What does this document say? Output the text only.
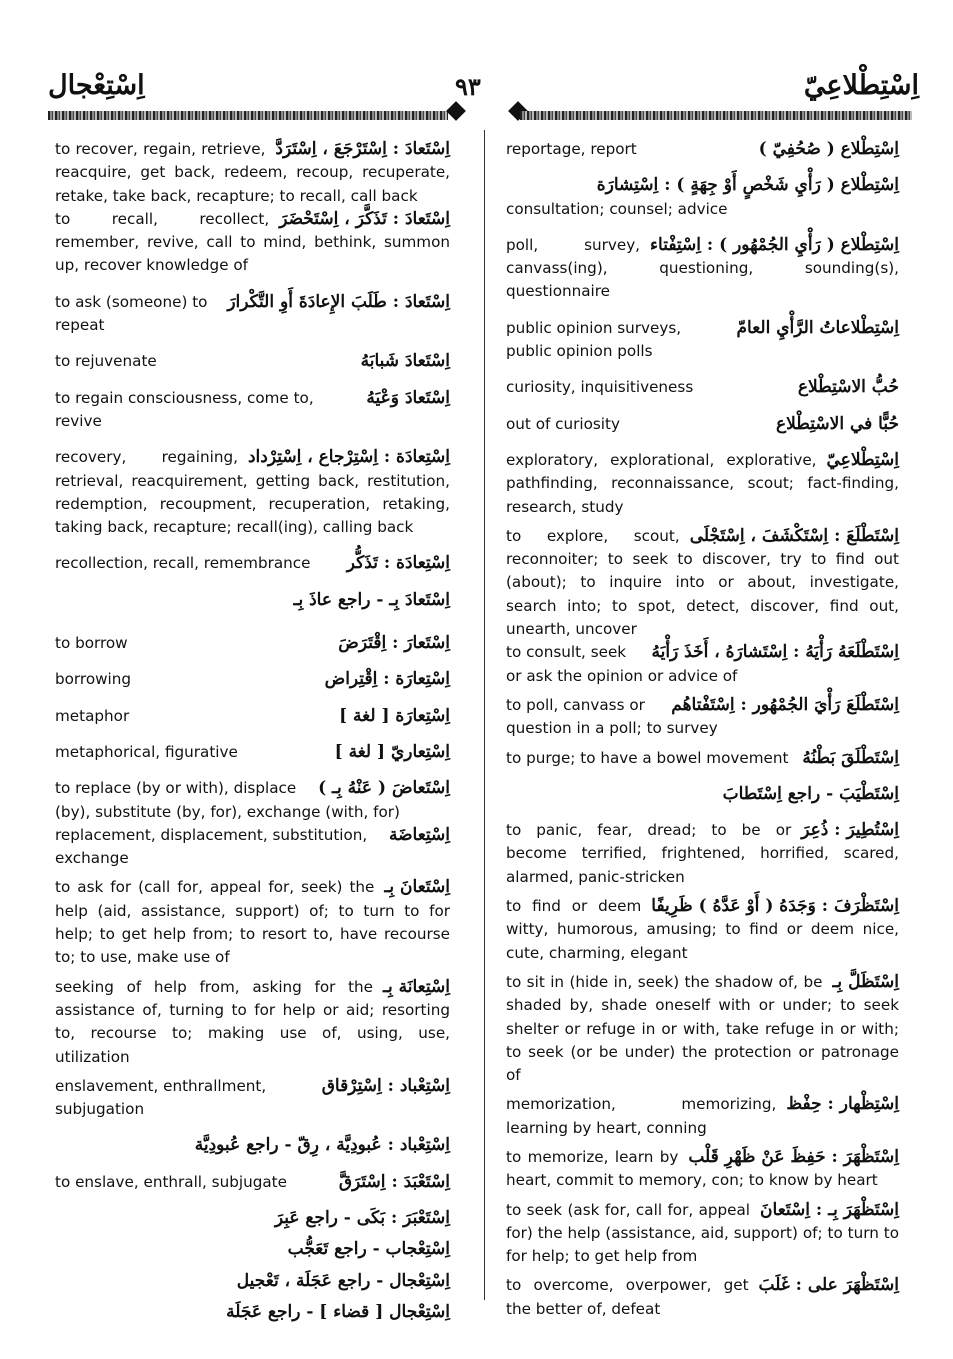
اِسْتِعْجال	٩٣	اِسْتِطْلاعِيّ
اِسْتَعادَ : اِسْتَرْجَعَ ، اِسْتَرَدَّ
to recover, regain, retrieve, reacquire, get back, redeem, recoup, recuperate, retake, take back, recapture; to recall, call back
اِسْتَعادَ : تَذَكَّرَ ، اِسْتَحْضَرَ
to recall, recollect, remember, revive, call to mind, bethink, summon up, recover knowledge of
اِسْتَعادَ : طَلَبَ الإِعادَةَ أَوِ التَّكْرارَ
to ask (someone) to repeat
اِسْتَعادَ شَبابَهُ
to rejuvenate
اِسْتَعادَ وَعْيَهُ
to regain consciousness, come to, revive
اِسْتِعادَة : اِسْتِرْجاع ، اِسْتِرْداد
recovery, regaining, retrieval, reacquirement, getting back, restitution, redemption, recoupment, recuperation, retaking, taking back, recapture; recall(ing), calling back
اِسْتِعادَة : تَذَكُّر
recollection, recall, remembrance
اِسْتَعادَ بِـ - راجع عاذَ بِـ
اِسْتَعارَ : اِقْتَرَضَ
to borrow
اِسْتِعارَة : اِقْتِراض
borrowing
اِسْتِعارَة [ لغة ]
metaphor
اِسْتِعاريّ [ لغة ]
metaphorical, figurative
اِسْتَعاضَ ( عَنْهُ بِـ )
to replace (by or with), displace (by), substitute (by, for), exchange (with, for)
اِسْتِعاضَة
replacement, displacement, substitution, exchange
اِسْتَعانَ بِـ
to ask for (call for, appeal for, seek) the help (aid, assistance, support) of; to turn to for help; to get help from; to resort to, have recourse to; to use, make use of
اِسْتِعانَة بِـ
seeking of help from, asking for the assistance of, turning to for help or aid; resorting to, recourse to; making use of, using, use, utilization
اِسْتِعْباد : اِسْتِرْقاق
enslavement, enthrallment, subjugation
اِسْتِعْباد : عُبودِيَّة ، رِقّ - راجع عُبودِيَّة
اِسْتَعْبَدَ : اِسْتَرَقَّ
to enslave, enthrall, subjugate
اِسْتَعْبَرَ : بَكَى - راجع عَبِرَ
اِسْتِعْجاب - راجع تَعَجُّب
اِسْتِعْجال - راجع عَجَلَة ، تَعْجيل
اِسْتِعْجال [ قضاء ] - راجع عَجَلَة
اِسْتِطْلاع ( صُحُفِيّ )
reportage, report
اِسْتِطْلاع ( رَأْيِ شَخْصٍ أَوْ جِهَةٍ ) : اِسْتِشارَة
consultation; counsel; advice
اِسْتِطْلاع ( رَأْيِ الجُمْهُور ) : اِسْتِفْتاء
poll, survey, canvass(ing), questioning, sounding(s), questionnaire
اِسْتِطْلاعاتُ الرَّأْيِ العامّ
public opinion surveys, public opinion polls
حُبُّ الاسْتِطْلاع
curiosity, inquisitiveness
حُبًّا في الاسْتِطْلاع
out of curiosity
اِسْتِطْلاعِيّ
exploratory, explorational, explorative, pathfinding, reconnaissance, scout; fact-finding, research, study
اِسْتَطْلَعَ : اِسْتَكْشَفَ ، اِسْتَجْلَى
to explore, scout, reconnoiter; to seek to discover, try to find out (about); to inquire into or about, investigate, search into; to spot, detect, discover, find out, unearth, uncover
اِسْتَطْلَعَهُ رَأْيَهُ : اِسْتَشارَهُ ، أَخَذَ رَأْيَهُ
to consult, seek or ask the opinion or advice of
اِسْتَطْلَعَ رَأْيَ الجُمْهُور : اِسْتَفْتاهُم
to poll, canvass or question in a poll; to survey
اِسْتَطْلَقَ بَطْنُهُ
to purge; to have a bowel movement
اِسْتَطْيَبَ - راجع اِسْتَطابَ
اِسْتُطِيرَ : ذُعِرَ
to panic, fear, dread; to be or become terrified, frightened, horrified, scared, alarmed, panic-stricken
اِسْتَظْرَفَ : وَجَدَهُ ( أَوْ عَدَّهُ ) ظَرِيفًا
to find or deem witty, humorous, amusing; to find or deem nice, cute, charming, elegant
اِسْتَظَلَّ بِـ
to sit in (hide in, seek) the shadow of, be shaded by, shade oneself with or under; to seek shelter or refuge in or with, take refuge in or with; to seek (or be under) the protection or patronage of
اِسْتِظْهار : حِفْظ
memorization, memorizing, learning by heart, conning
اِسْتَظْهَرَ : حَفِظَ عَنْ ظَهْرِ قَلْب
to memorize, learn by heart, commit to memory, con; to know by heart
اِسْتَظْهَرَ بِـ : اِسْتَعانَ
to seek (ask for, call for, appeal for) the help (assistance, aid, support) of; to turn to for help; to get help from
اِسْتَظْهَرَ على : غَلَبَ
to overcome, overpower, get the better of, defeat
